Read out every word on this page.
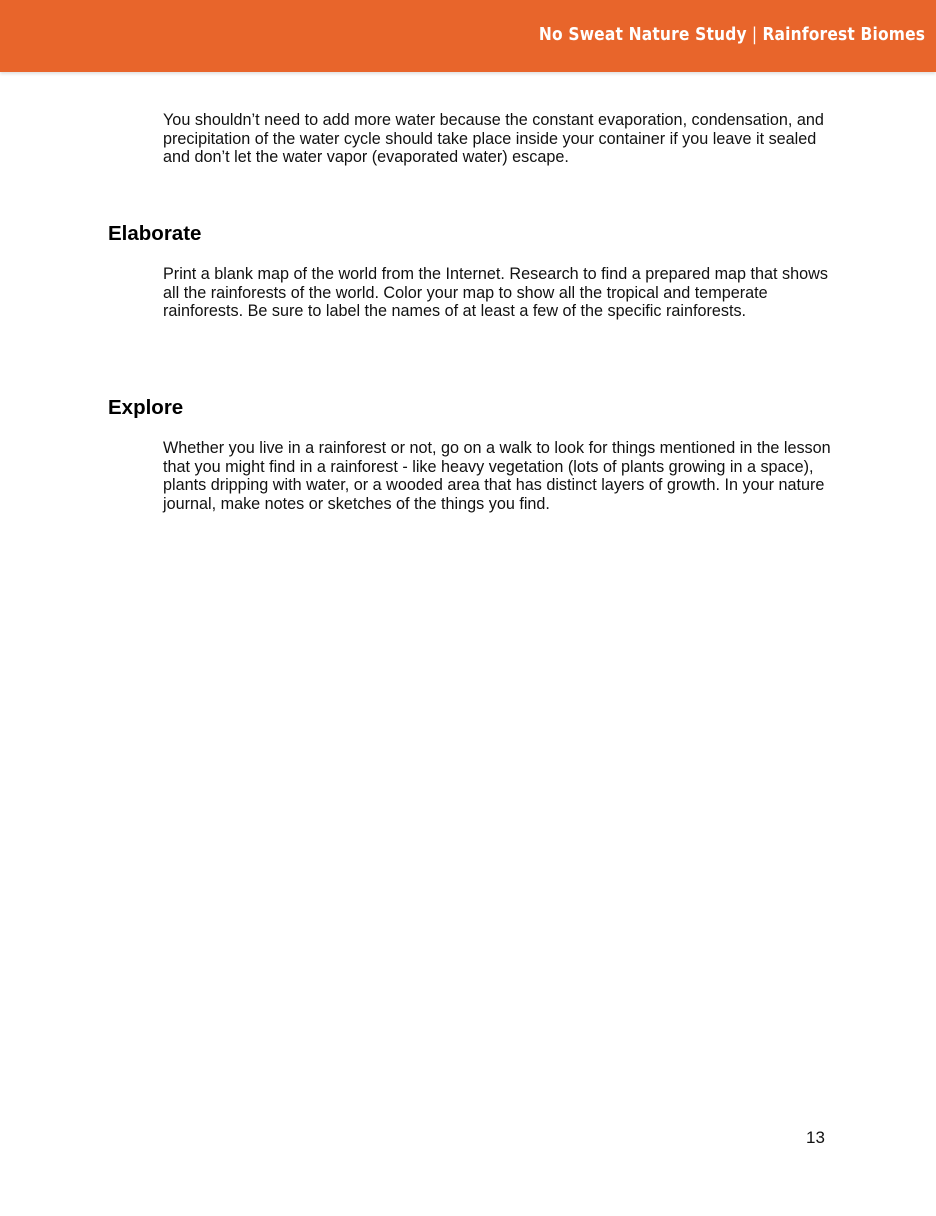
No Sweat Nature Study | Rainforest Biomes

You shouldn’t need to add more water because the constant evaporation, condensation, and precipitation of the water cycle should take place inside your container if you leave it sealed and don’t let the water vapor (evaporated water) escape.

Elaborate

Print a blank map of the world from the Internet. Research to find a prepared map that shows all the rainforests of the world. Color your map to show all the tropical and temperate rainforests. Be sure to label the names of at least a few of the specific rainforests.

Explore

Whether you live in a rainforest or not, go on a walk to look for things mentioned in the lesson that you might find in a rainforest - like heavy vegetation (lots of plants growing in a space), plants dripping with water, or a wooded area that has distinct layers of growth. In your nature journal, make notes or sketches of the things you find.

13
